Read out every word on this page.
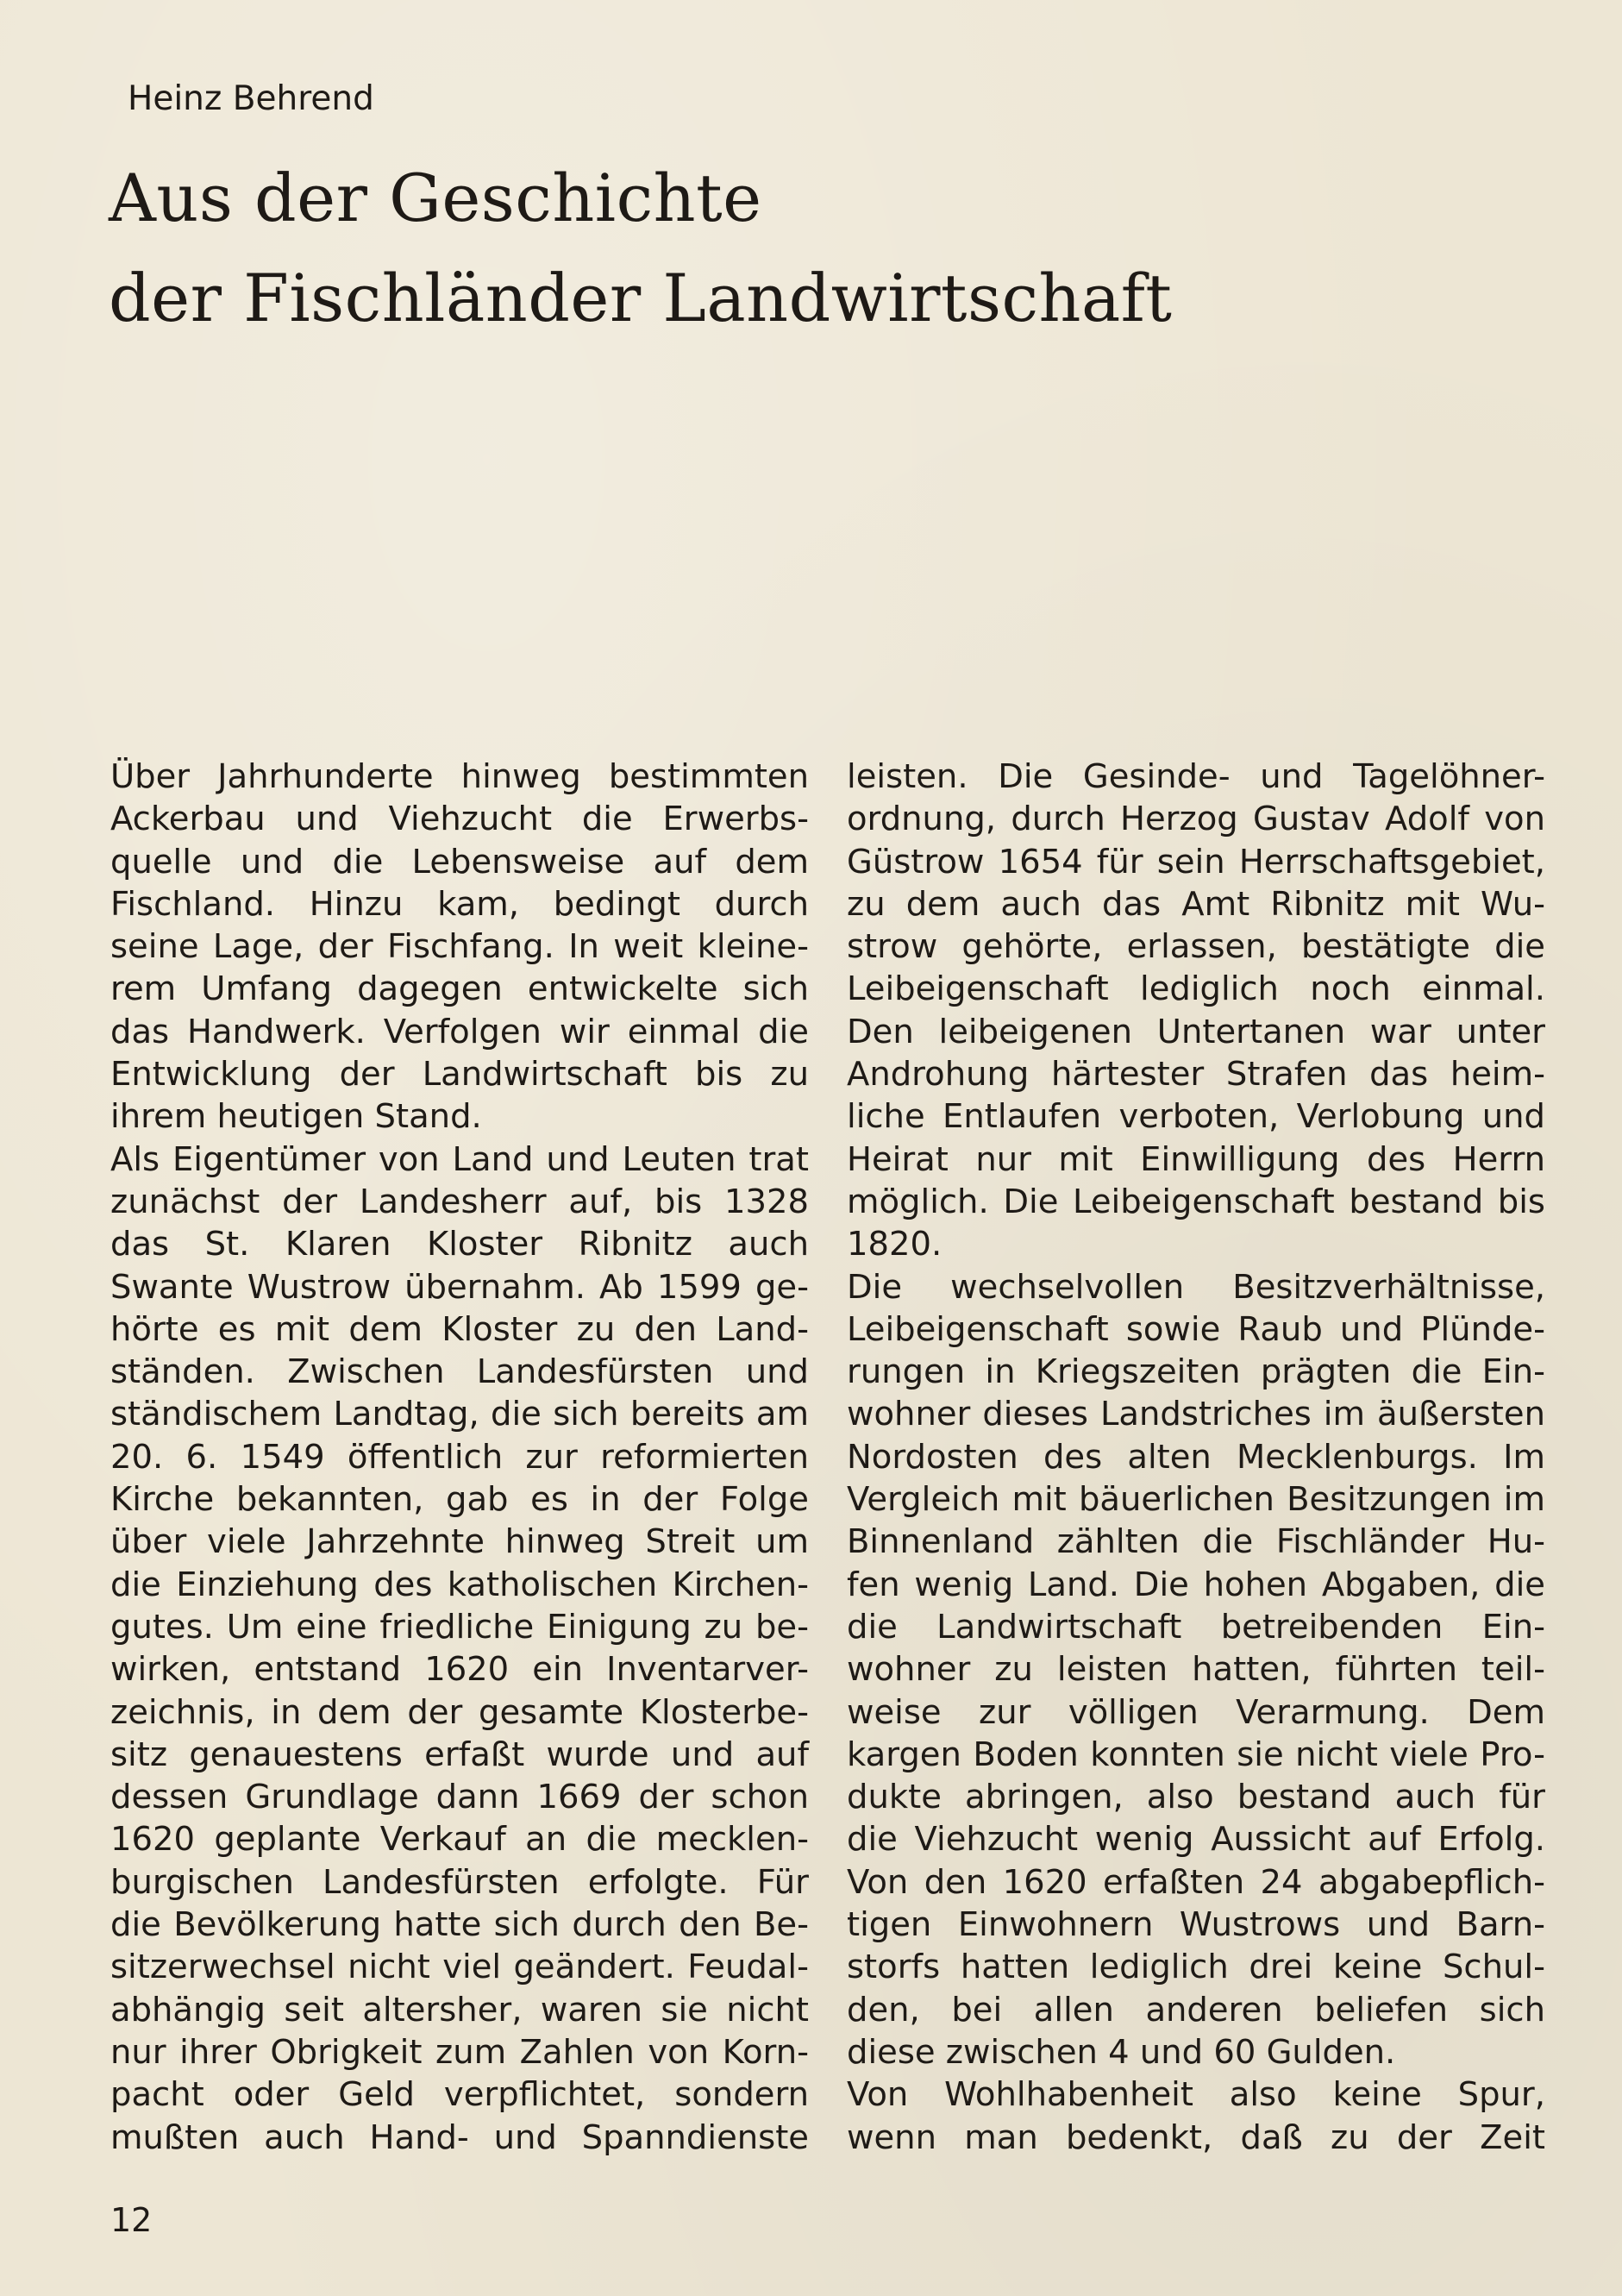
Heinz Behrend
Aus der Geschichte
der Fischländer Landwirtschaft
Über Jahrhunderte hinweg bestimmten
Ackerbau und Viehzucht die Erwerbs-
quelle und die Lebensweise auf dem
Fischland. Hinzu kam, bedingt durch
seine Lage, der Fischfang. In weit kleine-
rem Umfang dagegen entwickelte sich
das Handwerk. Verfolgen wir einmal die
Entwicklung der Landwirtschaft bis zu
ihrem heutigen Stand.
Als Eigentümer von Land und Leuten trat
zunächst der Landesherr auf, bis 1328
das St. Klaren Kloster Ribnitz auch
Swante Wustrow übernahm. Ab 1599 ge-
hörte es mit dem Kloster zu den Land-
ständen. Zwischen Landesfürsten und
ständischem Landtag, die sich bereits am
20. 6. 1549 öffentlich zur reformierten
Kirche bekannten, gab es in der Folge
über viele Jahrzehnte hinweg Streit um
die Einziehung des katholischen Kirchen-
gutes. Um eine friedliche Einigung zu be-
wirken, entstand 1620 ein Inventarver-
zeichnis, in dem der gesamte Klosterbe-
sitz genauestens erfaßt wurde und auf
dessen Grundlage dann 1669 der schon
1620 geplante Verkauf an die mecklen-
burgischen Landesfürsten erfolgte. Für
die Bevölkerung hatte sich durch den Be-
sitzerwechsel nicht viel geändert. Feudal-
abhängig seit altersher, waren sie nicht
nur ihrer Obrigkeit zum Zahlen von Korn-
pacht oder Geld verpflichtet, sondern
mußten auch Hand- und Spanndienste
leisten. Die Gesinde- und Tagelöhner-
ordnung, durch Herzog Gustav Adolf von
Güstrow 1654 für sein Herrschaftsgebiet,
zu dem auch das Amt Ribnitz mit Wu-
strow gehörte, erlassen, bestätigte die
Leibeigenschaft lediglich noch einmal.
Den leibeigenen Untertanen war unter
Androhung härtester Strafen das heim-
liche Entlaufen verboten, Verlobung und
Heirat nur mit Einwilligung des Herrn
möglich. Die Leibeigenschaft bestand bis
1820.
Die wechselvollen Besitzverhältnisse,
Leibeigenschaft sowie Raub und Plünde-
rungen in Kriegszeiten prägten die Ein-
wohner dieses Landstriches im äußersten
Nordosten des alten Mecklenburgs. Im
Vergleich mit bäuerlichen Besitzungen im
Binnenland zählten die Fischländer Hu-
fen wenig Land. Die hohen Abgaben, die
die Landwirtschaft betreibenden Ein-
wohner zu leisten hatten, führten teil-
weise zur völligen Verarmung. Dem
kargen Boden konnten sie nicht viele Pro-
dukte abringen, also bestand auch für
die Viehzucht wenig Aussicht auf Erfolg.
Von den 1620 erfaßten 24 abgabepflich-
tigen Einwohnern Wustrows und Barn-
storfs hatten lediglich drei keine Schul-
den, bei allen anderen beliefen sich
diese zwischen 4 und 60 Gulden.
Von Wohlhabenheit also keine Spur,
wenn man bedenkt, daß zu der Zeit
12
